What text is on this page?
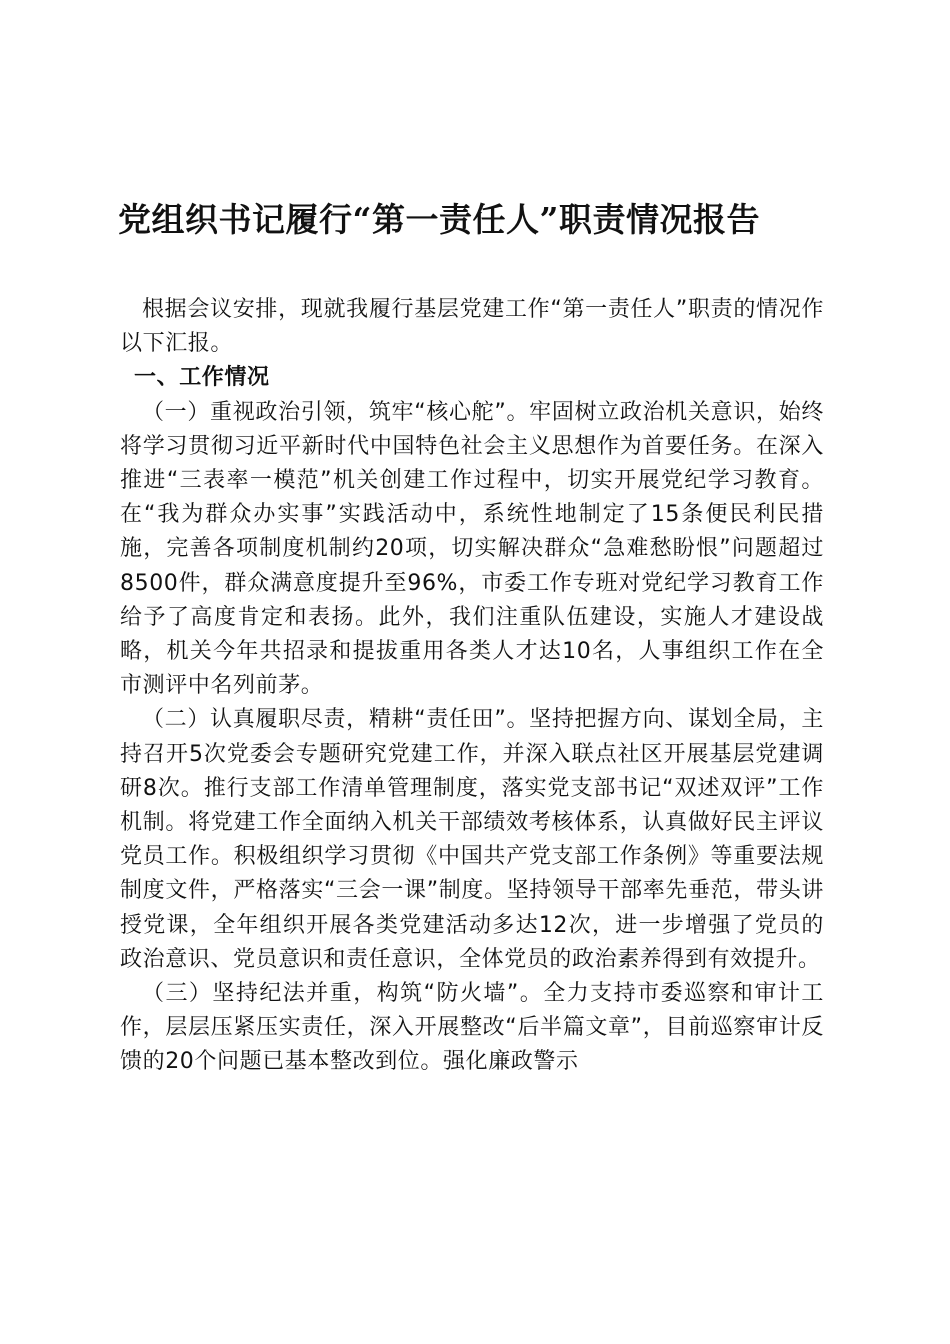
党组织书记履行“第一责任人”职责情况报告

根据会议安排，现就我履行基层党建工作“第一责任人”职责的情况作以下汇报。

一、工作情况

（一）重视政治引领，筑牢“核心舵”。牢固树立政治机关意识，始终将学习贯彻习近平新时代中国特色社会主义思想作为首要任务。在深入推进“三表率一模范”机关创建工作过程中，切实开展党纪学习教育。在“我为群众办实事”实践活动中，系统性地制定了15条便民利民措施，完善各项制度机制约20项，切实解决群众“急难愁盼恨”问题超过8500件，群众满意度提升至96%，市委工作专班对党纪学习教育工作给予了高度肯定和表扬。此外，我们注重队伍建设，实施人才建设战略，机关今年共招录和提拔重用各类人才达10名，人事组织工作在全市测评中名列前茅。

（二）认真履职尽责，精耕“责任田”。坚持把握方向、谋划全局，主持召开5次党委会专题研究党建工作，并深入联点社区开展基层党建调研8次。推行支部工作清单管理制度，落实党支部书记“双述双评”工作机制。将党建工作全面纳入机关干部绩效考核体系，认真做好民主评议党员工作。积极组织学习贯彻《中国共产党支部工作条例》等重要法规制度文件，严格落实“三会一课”制度。坚持领导干部率先垂范，带头讲授党课，全年组织开展各类党建活动多达12次，进一步增强了党员的政治意识、党员意识和责任意识，全体党员的政治素养得到有效提升。

（三）坚持纪法并重，构筑“防火墙”。全力支持市委巡察和审计工作，层层压紧压实责任，深入开展整改“后半篇文章”，目前巡察审计反馈的20个问题已基本整改到位。强化廉政警示
